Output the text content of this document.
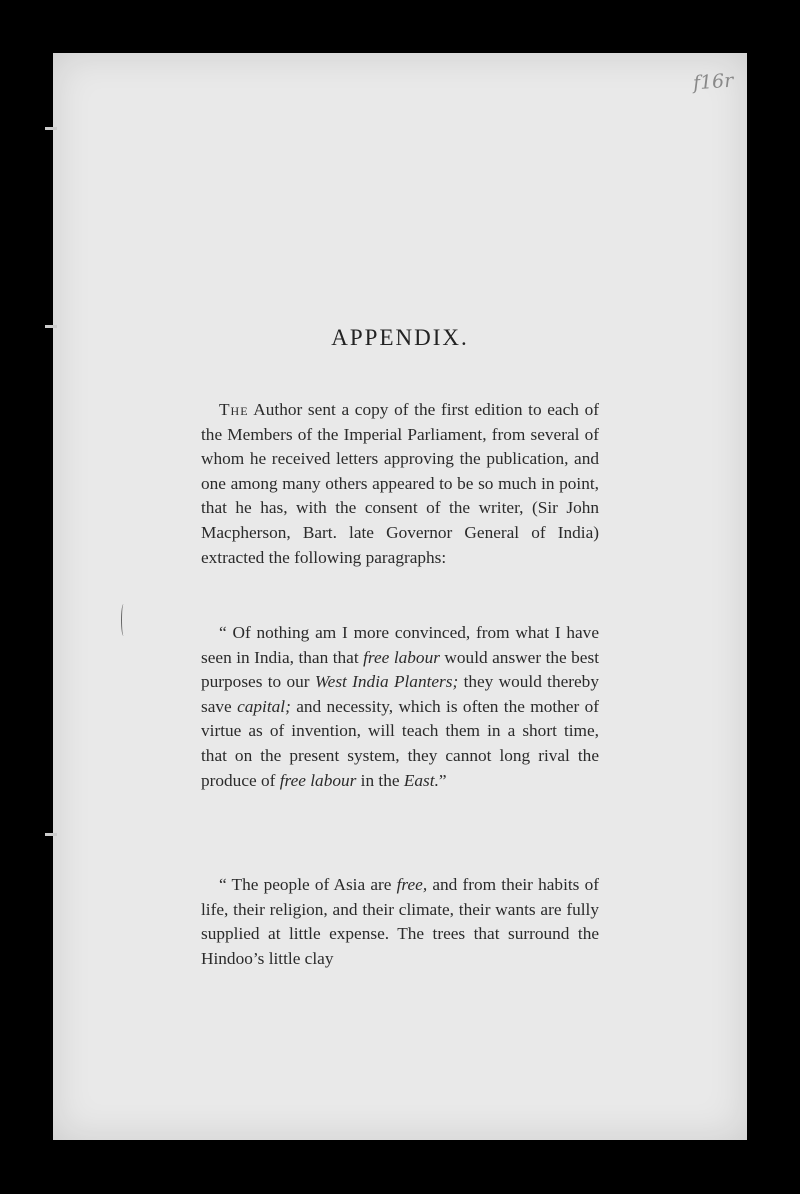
f16r
APPENDIX.
The Author sent a copy of the first edition to each of the Members of the Imperial Parliament, from several of whom he received letters approving the publication, and one among many others appeared to be so much in point, that he has, with the consent of the writer, (Sir John Macpherson, Bart. late Governor General of India) extracted the following paragraphs:
“ Of nothing am I more convinced, from what I have seen in India, than that free labour would answer the best purposes to our West India Planters; they would thereby save capital; and necessity, which is often the mother of virtue as of invention, will teach them in a short time, that on the present system, they cannot long rival the produce of free labour in the East.”
“ The people of Asia are free, and from their habits of life, their religion, and their climate, their wants are fully supplied at little expense. The trees that surround the Hindoo’s little clay
